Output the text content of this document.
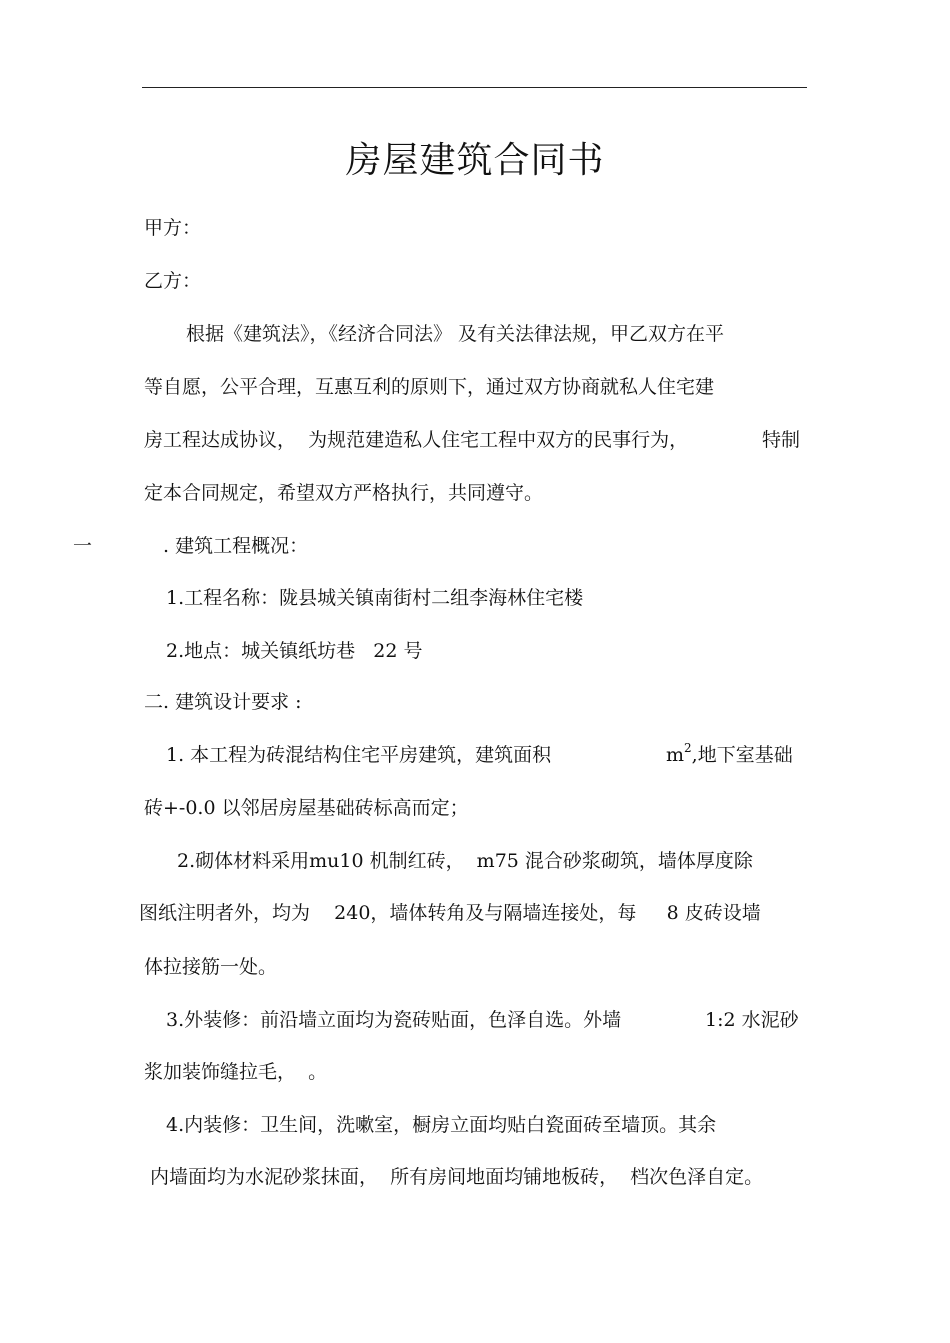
房屋建筑合同书
甲方：
乙方：
根据《建筑法》，《经济合同法》 及有关法律法规，甲乙双方在平
等自愿，公平合理，互惠互利的原则下，通过双方协商就私人住宅建
房工程达成协议，  为规范建造私人住宅工程中双方的民事行为，	特制
定本合同规定，希望双方严格执行，共同遵守。
一	. 建筑工程概况：
1.工程名称：陇县城关镇南街村二组李海林住宅楼
2.地点：城关镇纸坊巷   22 号
二. 建筑设计要求 :
1. 本工程为砖混结构住宅平房建筑，建筑面积	$m^2$,地下室基础
砖+-0.0 以邻居房屋基础砖标高而定；
2.砌体材料采用mu10 机制红砖，  m75 混合砂浆砌筑，墙体厚度除
图纸注明者外，均为    240，墙体转角及与隔墙连接处，每     8 皮砖设墙
体拉接筋一处。
3.外装修：前沿墙立面均为瓷砖贴面，色泽自选。外墙	1:2 水泥砂
浆加装饰缝拉毛，  。
4.内装修：卫生间，洗嗽室，橱房立面均贴白瓷面砖至墙顶。其余
内墙面均为水泥砂浆抹面，  所有房间地面均铺地板砖，  档次色泽自定。
